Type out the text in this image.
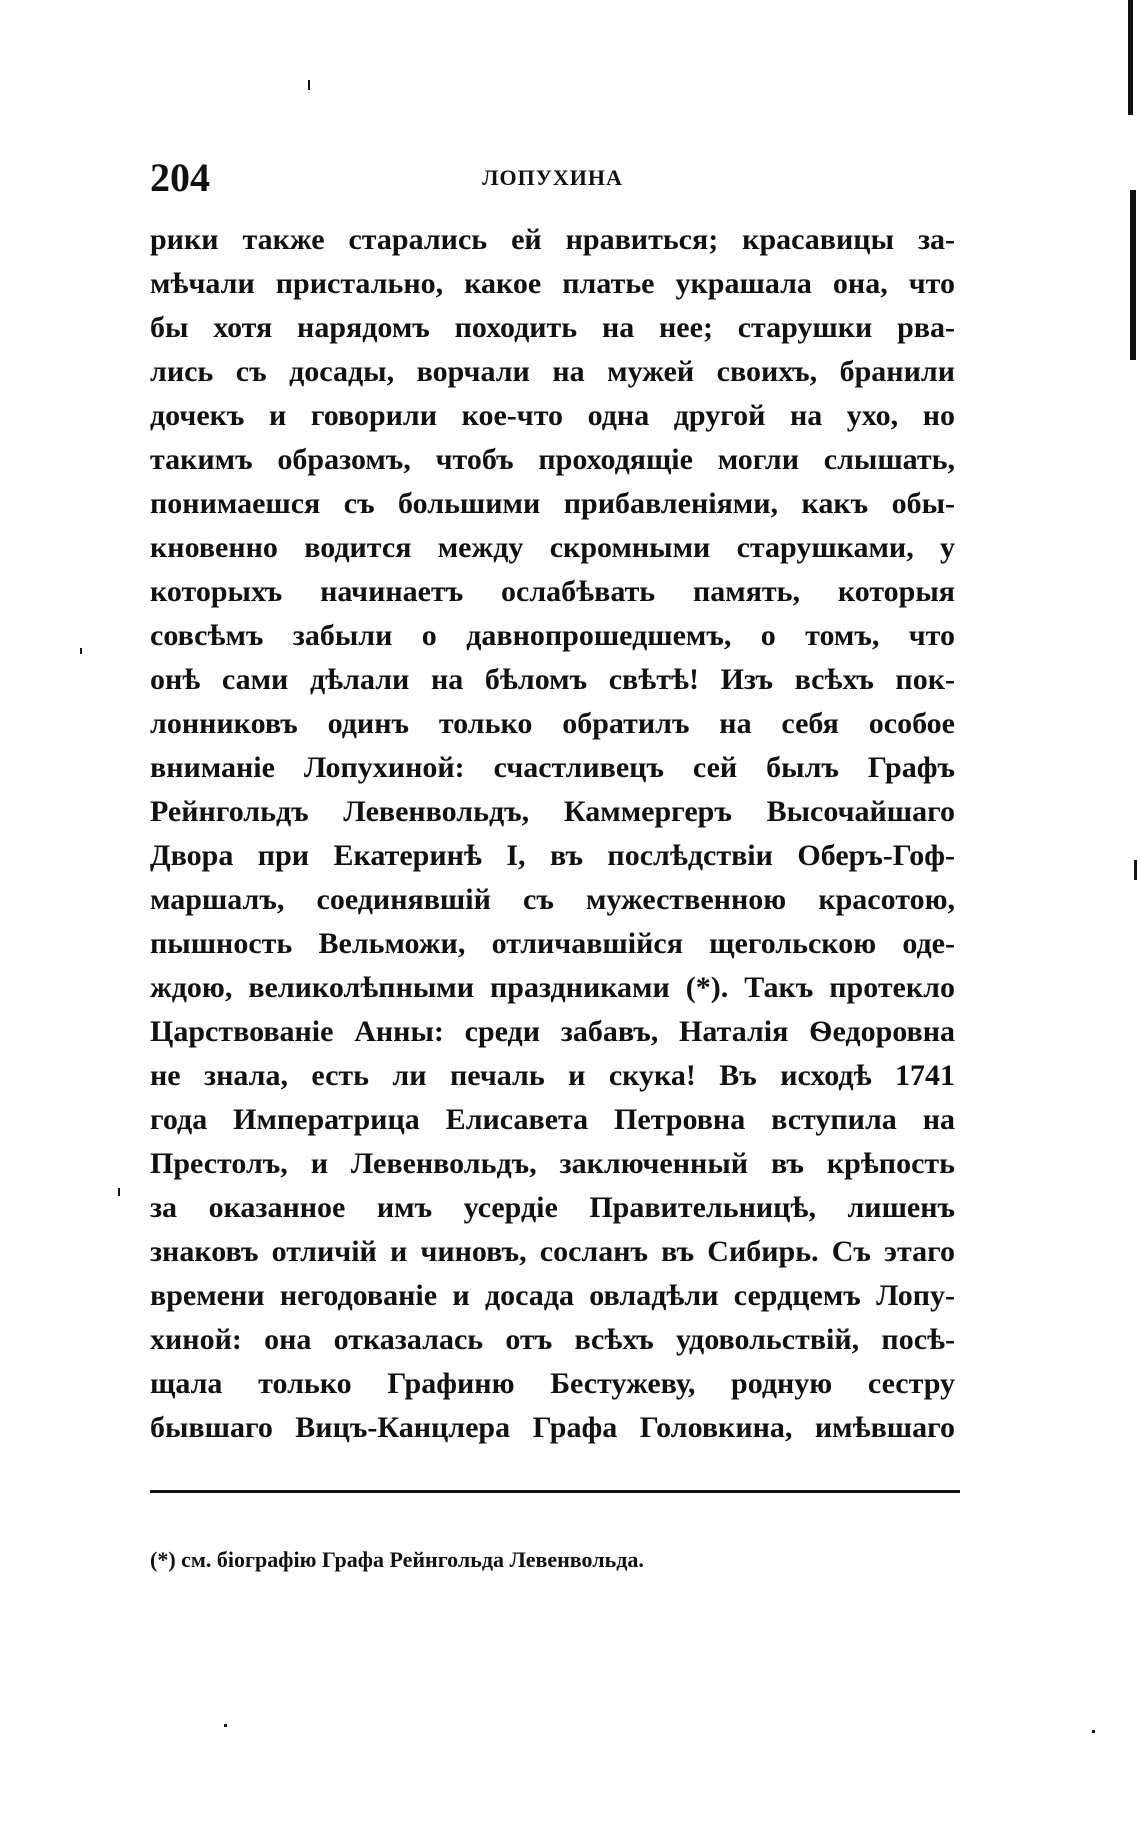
204	ЛОПУХИНА
рики также старались ей нравиться; красавицы за-
мѣчали пристально, какое платье украшала она, что
бы хотя нарядомъ походить на нее; старушки рва-
лись съ досады, ворчали на мужей своихъ, бранили
дочекъ и говорили кое-что одна другой на ухо, но
такимъ образомъ, чтобъ проходящіе могли слышать,
понимаешся съ большими прибавленіями, какъ обы-
кновенно водится между скромными старушками, у
которыхъ начинаетъ ослабѣвать память, которыя
совсѣмъ забыли о давнопрошедшемъ, о томъ, что
онѣ сами дѣлали на бѣломъ свѣтѣ! Изъ всѣхъ пок-
лонниковъ одинъ только обратилъ на себя особое
вниманіе Лопухиной: счастливецъ сей былъ Графъ
Рейнгольдъ Левенвольдъ, Каммергеръ Высочайшаго
Двора при Екатеринѣ I, въ послѣдствіи Оберъ-Гоф-
маршалъ, соединявшій съ мужественною красотою,
пышность Вельможи, отличавшійся щегольскою оде-
ждою, великолѣпными праздниками (*). Такъ протекло
Царствованіе Анны: среди забавъ, Наталія Ѳедоровна
не знала, есть ли печаль и скука! Въ исходѣ 1741
года Императрица Елисавета Петровна вступила на
Престолъ, и Левенвольдъ, заключенный въ крѣпость
за оказанное имъ усердіе Правительницѣ, лишенъ
знаковъ отличій и чиновъ, сосланъ въ Сибирь. Съ этаго
времени негодованіе и досада овладѣли сердцемъ Лопу-
хиной: она отказалась отъ всѣхъ удовольствій, посѣ-
щала только Графиню Бестужеву, родную сестру
бывшаго Вицъ-Канцлера Графа Головкина, имѣвшаго
(*) см. біографію Графа Рейнгольда Левенвольда.
